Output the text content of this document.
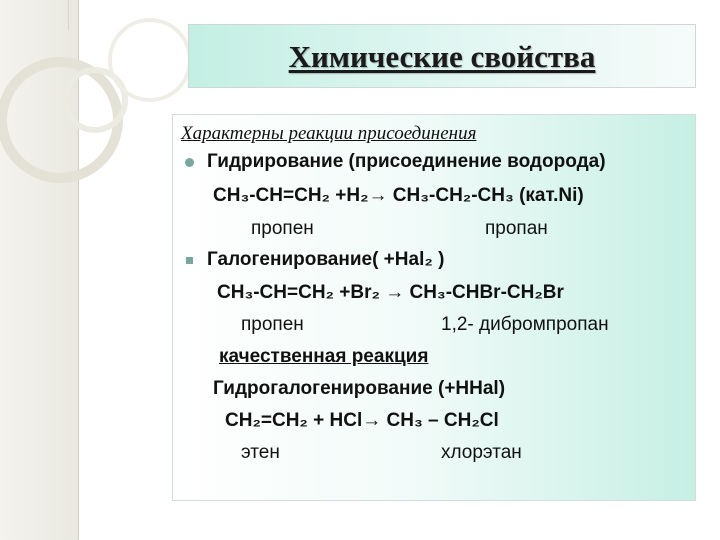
Химические свойства
Характерны реакции присоединения
Гидрирование (присоединение водорода)
CH₃-CH=CH₂ +H₂→ CH₃-CH₂-CH₃ (кат.Ni)
пропен	пропан
Галогенирование( +Hal₂ )
CH₃-CH=CH₂ +Br₂ → CH₃-CHBr-CH₂Br
пропен	1,2- дибромпропан
качественная реакция
Гидрогалогенирование (+HHal)
CH₂=CH₂ + HCl→ CH₃ – CH₂Cl
этен	хлорэтан
